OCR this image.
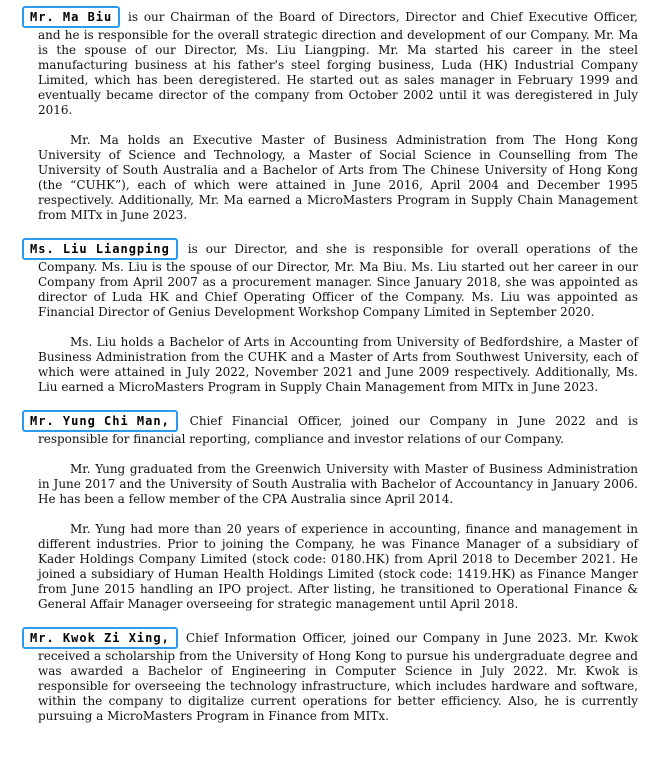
Mr. Ma Biu is our Chairman of the Board of Directors, Director and Chief Executive Officer, and he is responsible for the overall strategic direction and development of our Company. Mr. Ma is the spouse of our Director, Ms. Liu Liangping. Mr. Ma started his career in the steel manufacturing business at his father's steel forging business, Luda (HK) Industrial Company Limited, which has been deregistered. He started out as sales manager in February 1999 and eventually became director of the company from October 2002 until it was deregistered in July 2016.

Mr. Ma holds an Executive Master of Business Administration from The Hong Kong University of Science and Technology, a Master of Social Science in Counselling from The University of South Australia and a Bachelor of Arts from The Chinese University of Hong Kong (the “CUHK”), each of which were attained in June 2016, April 2004 and December 1995 respectively. Additionally, Mr. Ma earned a MicroMasters Program in Supply Chain Management from MITx in June 2023.

Ms. Liu Liangping is our Director, and she is responsible for overall operations of the Company. Ms. Liu is the spouse of our Director, Mr. Ma Biu. Ms. Liu started out her career in our Company from April 2007 as a procurement manager. Since January 2018, she was appointed as director of Luda HK and Chief Operating Officer of the Company. Ms. Liu was appointed as Financial Director of Genius Development Workshop Company Limited in September 2020.

Ms. Liu holds a Bachelor of Arts in Accounting from University of Bedfordshire, a Master of Business Administration from the CUHK and a Master of Arts from Southwest University, each of which were attained in July 2022, November 2021 and June 2009 respectively. Additionally, Ms. Liu earned a MicroMasters Program in Supply Chain Management from MITx in June 2023.

Mr. Yung Chi Man, Chief Financial Officer, joined our Company in June 2022 and is responsible for financial reporting, compliance and investor relations of our Company.

Mr. Yung graduated from the Greenwich University with Master of Business Administration in June 2017 and the University of South Australia with Bachelor of Accountancy in January 2006. He has been a fellow member of the CPA Australia since April 2014.

Mr. Yung had more than 20 years of experience in accounting, finance and management in different industries. Prior to joining the Company, he was Finance Manager of a subsidiary of Kader Holdings Company Limited (stock code: 0180.HK) from April 2018 to December 2021. He joined a subsidiary of Human Health Holdings Limited (stock code: 1419.HK) as Finance Manger from June 2015 handling an IPO project. After listing, he transitioned to Operational Finance & General Affair Manager overseeing for strategic management until April 2018.

Mr. Kwok Zi Xing, Chief Information Officer, joined our Company in June 2023. Mr. Kwok received a scholarship from the University of Hong Kong to pursue his undergraduate degree and was awarded a Bachelor of Engineering in Computer Science in July 2022. Mr. Kwok is responsible for overseeing the technology infrastructure, which includes hardware and software, within the company to digitalize current operations for better efficiency. Also, he is currently pursuing a MicroMasters Program in Finance from MITx.
